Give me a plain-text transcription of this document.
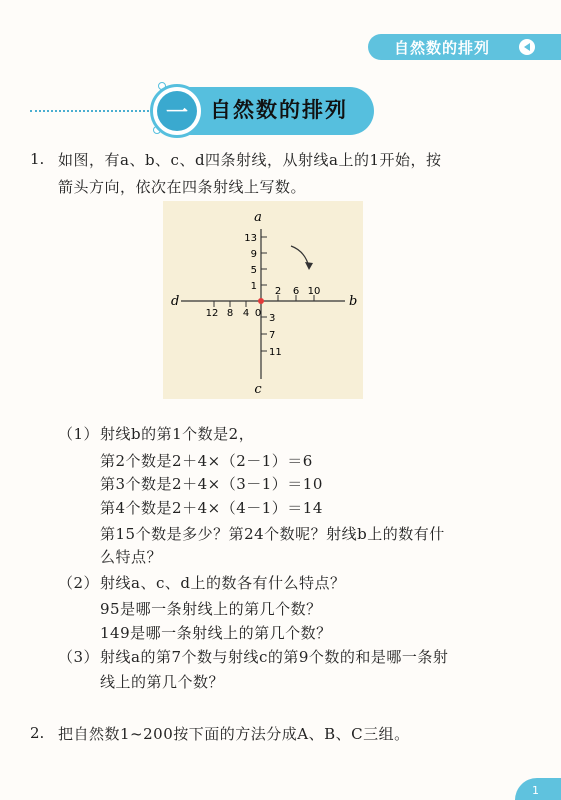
自然数的排列
一	自然数的排列
1. 如图，有a、b、c、d四条射线，从射线a上的1开始，按
箭头方向，依次在四条射线上写数。
a
b
c
d
13
9
5
1 2 6 10
3
7
11
12 8 4 0
（1） 射线b的第1个数是2，
第2个数是2＋4×（2－1）＝6
第3个数是2＋4×（3－1）＝10
第4个数是2＋4×（4－1）＝14
第15个数是多少？第24个数呢？射线b上的数有什
么特点？
（2） 射线a、c、d上的数各有什么特点？
95是哪一条射线上的第几个数？
149是哪一条射线上的第几个数？
（3） 射线a的第7个数与射线c的第9个数的和是哪一条射
线上的第几个数？
2. 把自然数1~200按下面的方法分成A、B、C三组。
1
